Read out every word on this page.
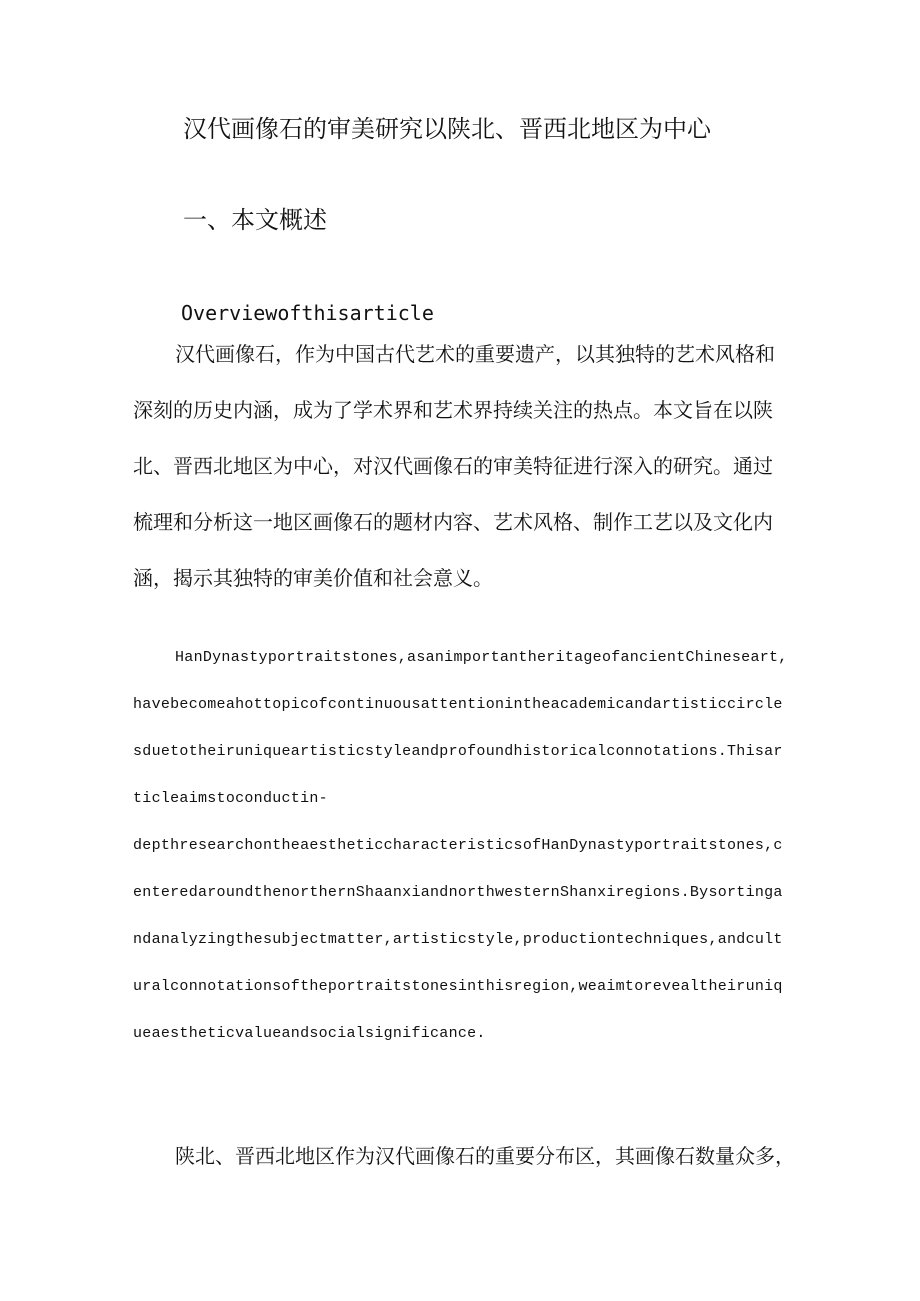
汉代画像石的审美研究以陕北、晋西北地区为中心
一、本文概述
Overviewofthisarticle
汉代画像石，作为中国古代艺术的重要遗产，以其独特的艺术风格和
深刻的历史内涵，成为了学术界和艺术界持续关注的热点。本文旨在以陕
北、晋西北地区为中心，对汉代画像石的审美特征进行深入的研究。通过
梳理和分析这一地区画像石的题材内容、艺术风格、制作工艺以及文化内
涵，揭示其独特的审美价值和社会意义。
HanDynastyportraitstones,asanimportantheritageofancientChineseart,
havebecomeahottopicofcontinuousattentionintheacademicandartisticcircle
sduetotheiruniqueartisticstyleandprofoundhistoricalconnotations.Thisar
ticleaimstoconductin-
depthresearchontheaestheticcharacteristicsofHanDynastyportraitstones,c
enteredaroundthenorthernShaanxiandnorthwesternShanxiregions.Bysortinga
ndanalyzingthesubjectmatter,artisticstyle,productiontechniques,andcult
uralconnotationsoftheportraitstonesinthisregion,weaimtorevealtheiruniq
ueaestheticvalueandsocialsignificance.
陕北、晋西北地区作为汉代画像石的重要分布区，其画像石数量众多，
